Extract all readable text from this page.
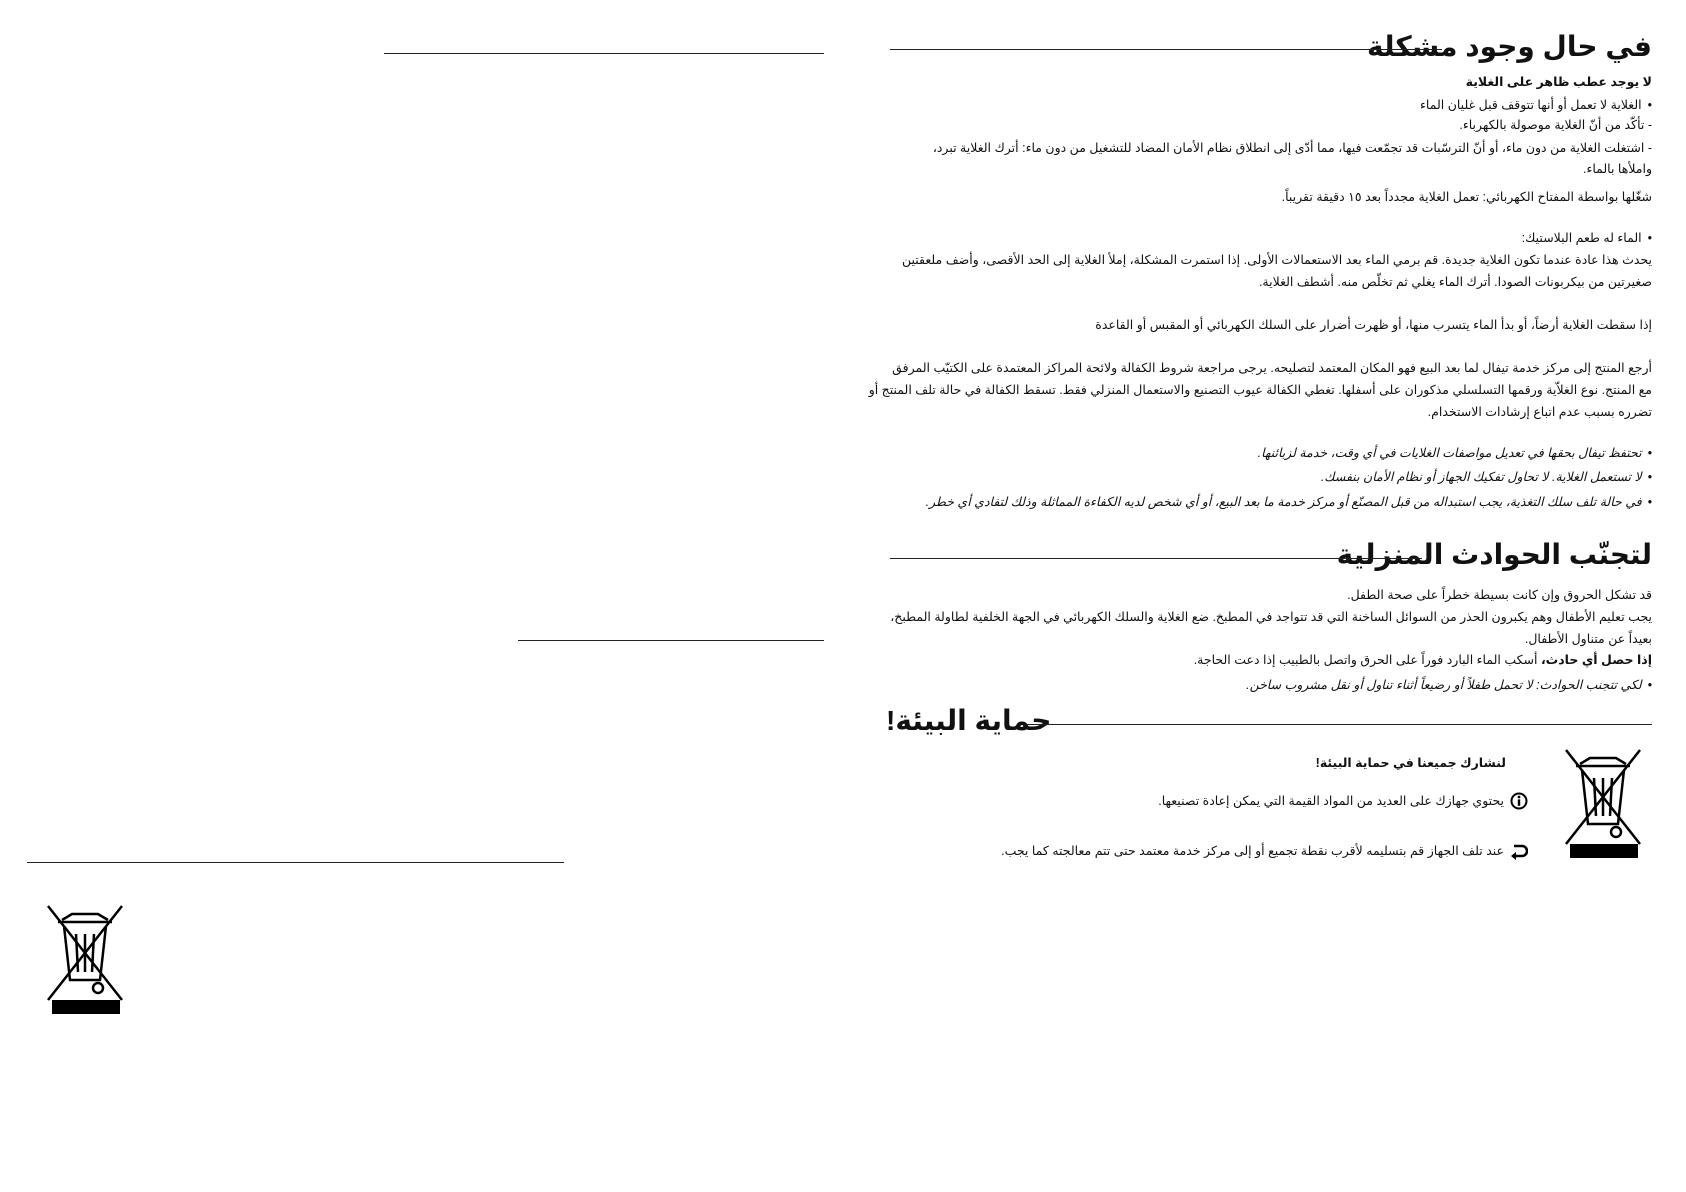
في حال وجود مشكلة
لا يوجد عطب ظاهر على الغلاية
• الغلاية لا تعمل أو أنها تتوقف قبل غليان الماء
- تأكّد من أنّ الغلاية موصولة بالكهرباء.
- اشتغلت الغلاية من دون ماء، أو أنّ الترسّبات قد تجمّعت فيها، مما أدّى إلى انطلاق نظام الأمان المضاد للتشغيل من دون ماء: أترك الغلاية تبرد،
واملأها بالماء.
شغّلها بواسطة المفتاح الكهربائي: تعمل الغلاية مجدداً بعد ١٥ دقيقة تقريباً.
• الماء له طعم البلاستيك:
يحدث هذا عادة عندما تكون الغلاية جديدة. قم برمي الماء بعد الاستعمالات الأولى. إذا استمرت المشكلة، إملأ الغلاية إلى الحد الأقصى، وأضف ملعقتين
صغيرتين من بيكربونات الصودا. أترك الماء يغلي ثم تخلّص منه. أشطف الغلاية.
إذا سقطت الغلاية أرضاً، أو بدأ الماء يتسرب منها، أو ظهرت أضرار على السلك الكهربائي أو المقبس أو القاعدة
أرجع المنتج إلى مركز خدمة تيفال لما بعد البيع فهو المكان المعتمد لتصليحه. يرجى مراجعة شروط الكفالة ولائحة المراكز المعتمدة على الكتيّب المرفق
مع المنتج. نوع الغلاّية ورقمها التسلسلي مذكوران على أسفلها. تغطي الكفالة عيوب التصنيع والاستعمال المنزلي فقط. تسقط الكفالة في حالة تلف المنتج أو
تضرره بسبب عدم اتباع إرشادات الاستخدام.
• تحتفظ تيفال بحقها في تعديل مواصفات الغلايات في أي وقت، خدمة لزبائنها.
• لا تستعمل الغلاية. لا تحاول تفكيك الجهاز أو نظام الأمان بنفسك.
• في حالة تلف سلك التغذية، يجب استبداله من قبل المصنّع أو مركز خدمة ما بعد البيع، أو أي شخص لديه الكفاءة المماثلة وذلك لتفادي أي خطر.
لتجنّب الحوادث المنزلية
قد تشكل الحروق وإن كانت بسيطة خطراً على صحة الطفل.
يجب تعليم الأطفال وهم يكبرون الحذر من السوائل الساخنة التي قد تتواجد في المطبخ. ضع الغلاية والسلك الكهربائي في الجهة الخلفية لطاولة المطبخ،
بعيداً عن متناول الأطفال.
إذا حصل أي حادث، أسكب الماء البارد فوراً على الحرق واتصل بالطبيب إذا دعت الحاجة.
• لكي تتجنب الحوادث: لا تحمل طفلاً أو رضيعاً أثناء تناول أو نقل مشروب ساخن.
حماية البيئة!
لنشارك جميعنا في حماية البيئة!
يحتوي جهازك على العديد من المواد القيمة التي يمكن إعادة تصنيعها.
عند تلف الجهاز قم بتسليمه لأقرب نقطة تجميع أو إلى مركز خدمة معتمد حتى تتم معالجته كما يجب.
